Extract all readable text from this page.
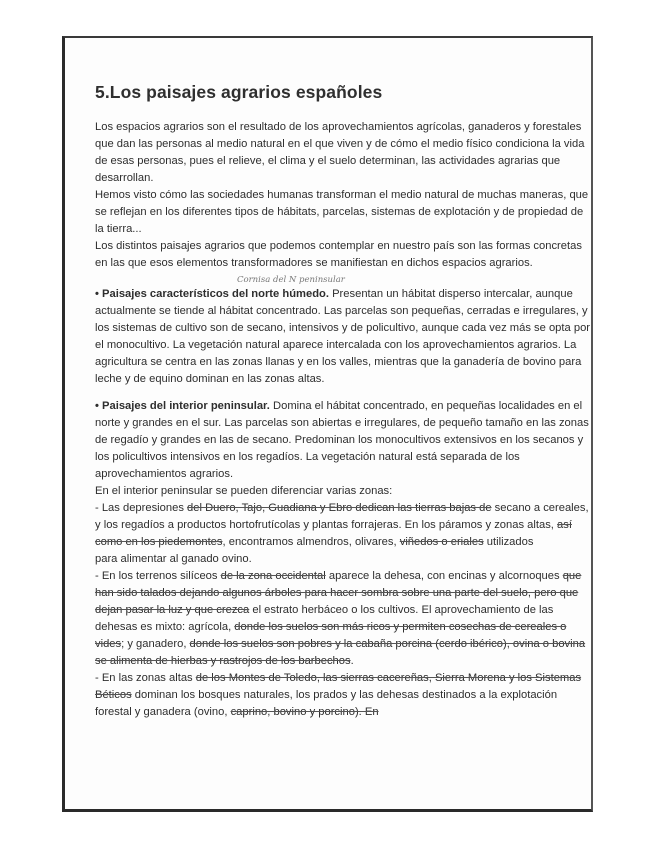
5.Los paisajes agrarios españoles

Los espacios agrarios son el resultado de los aprovechamientos agrícolas, ganaderos y forestales que dan las personas al medio natural en el que viven y de cómo el medio físico condiciona la vida de esas personas, pues el relieve, el clima y el suelo determinan, las actividades agrarias que desarrollan.

Hemos visto cómo las sociedades humanas transforman el medio natural de muchas maneras, que se reflejan en los diferentes tipos de hábitats, parcelas, sistemas de explotación y de propiedad de la tierra...

Los distintos paisajes agrarios que podemos contemplar en nuestro país son las formas concretas en las que esos elementos transformadores se manifiestan en dichos espacios agrarios.

Cornisa del N peninsular

• Paisajes característicos del norte húmedo. Presentan un hábitat disperso intercalar, aunque actualmente se tiende al hábitat concentrado. Las parcelas son pequeñas, cerradas e irregulares, y los sistemas de cultivo son de secano, intensivos y de policultivo, aunque cada vez más se opta por el monocultivo. La vegetación natural aparece intercalada con los aprovechamientos agrarios. La agricultura se centra en las zonas llanas y en los valles, mientras que la ganadería de bovino para leche y de equino dominan en las zonas altas.

• Paisajes del interior peninsular. Domina el hábitat concentrado, en pequeñas localidades en el norte y grandes en el sur. Las parcelas son abiertas e irregulares, de pequeño tamaño en las zonas de regadío y grandes en las de secano. Predominan los monocultivos extensivos en los secanos y los policultivos intensivos en los regadíos. La vegetación natural está separada de los aprovechamientos agrarios.

En el interior peninsular se pueden diferenciar varias zonas:

- Las depresiones del Duero, Tajo, Guadiana y Ebro dedican las tierras bajas de secano a cereales, y los regadíos a productos hortofrutícolas y plantas forrajeras. En los páramos y zonas altas, así como en los piedemontes, encontramos almendros, olivares, viñedos o eriales utilizados

para alimentar al ganado ovino.

- En los terrenos silíceos de la zona occidental aparece la dehesa, con encinas y alcornoques que han sido talados dejando algunos árboles para hacer sombra sobre una parte del suelo, pero que dejan pasar la luz y que crezca el estrato herbáceo o los cultivos. El aprovechamiento de las dehesas es mixto: agrícola, donde los suelos son más ricos y permiten cosechas de cereales o vides; y ganadero, donde los suelos son pobres y la cabaña porcina (cerdo ibérico), ovina o bovina se alimenta de hierbas y rastrojos de los barbechos.

- En las zonas altas de los Montes de Toledo, las sierras cacereñas, Sierra Morena y los Sistemas Béticos dominan los bosques naturales, los prados y las dehesas destinados a la explotación forestal y ganadera (ovino, caprino, bovino y porcino). En
